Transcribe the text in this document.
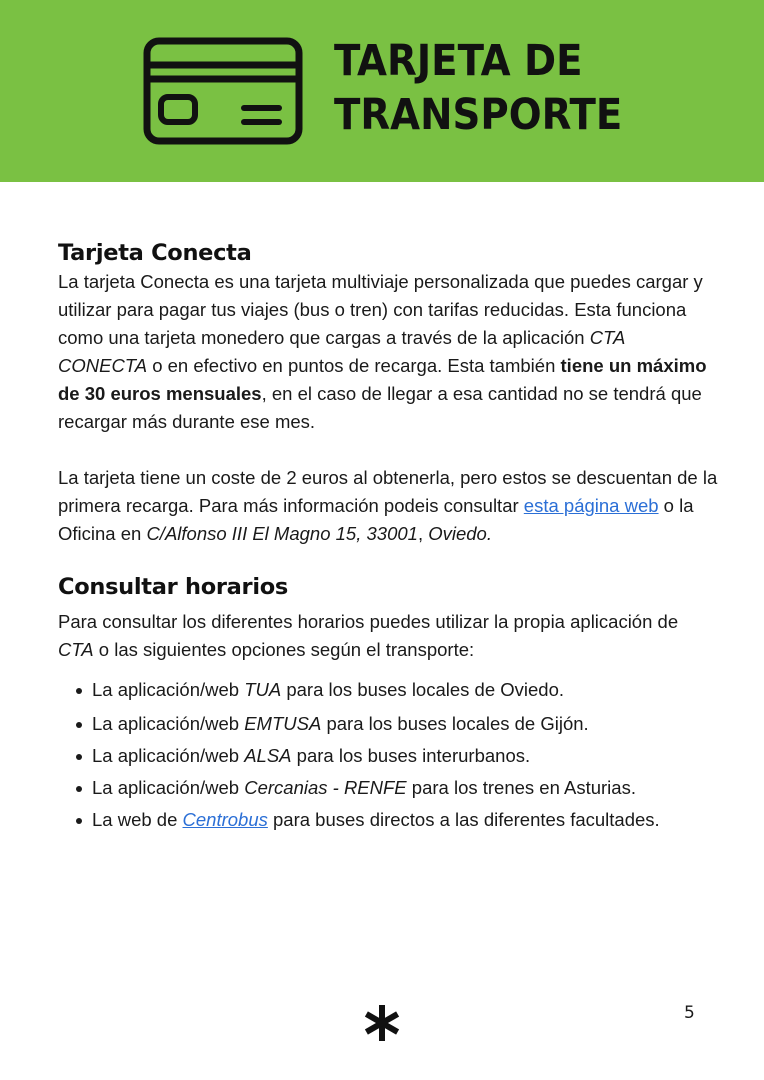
TARJETA DE
TRANSPORTE
Tarjeta Conecta

La tarjeta Conecta es una tarjeta multiviaje personalizada que puedes cargar y utilizar para pagar tus viajes (bus o tren) con tarifas reducidas. Esta funciona como una tarjeta monedero que cargas a través de la aplicación CTA CONECTA o en efectivo en puntos de recarga. Esta también tiene un máximo de 30 euros mensuales, en el caso de llegar a esa cantidad no se tendrá que recargar más durante ese mes.

La tarjeta tiene un coste de 2 euros al obtenerla, pero estos se descuentan de la primera recarga. Para más información podeis consultar esta página web o la Oficina en C/Alfonso III El Magno 15, 33001, Oviedo.

Consultar horarios

Para consultar los diferentes horarios puedes utilizar la propia aplicación de CTA o las siguientes opciones según el transporte:

La aplicación/web TUA para los buses locales de Oviedo.
La aplicación/web EMTUSA para los buses locales de Gijón.
La aplicación/web ALSA para los buses interurbanos.
La aplicación/web Cercanias - RENFE para los trenes en Asturias.
La web de Centrobus para buses directos a las diferentes facultades.
5
